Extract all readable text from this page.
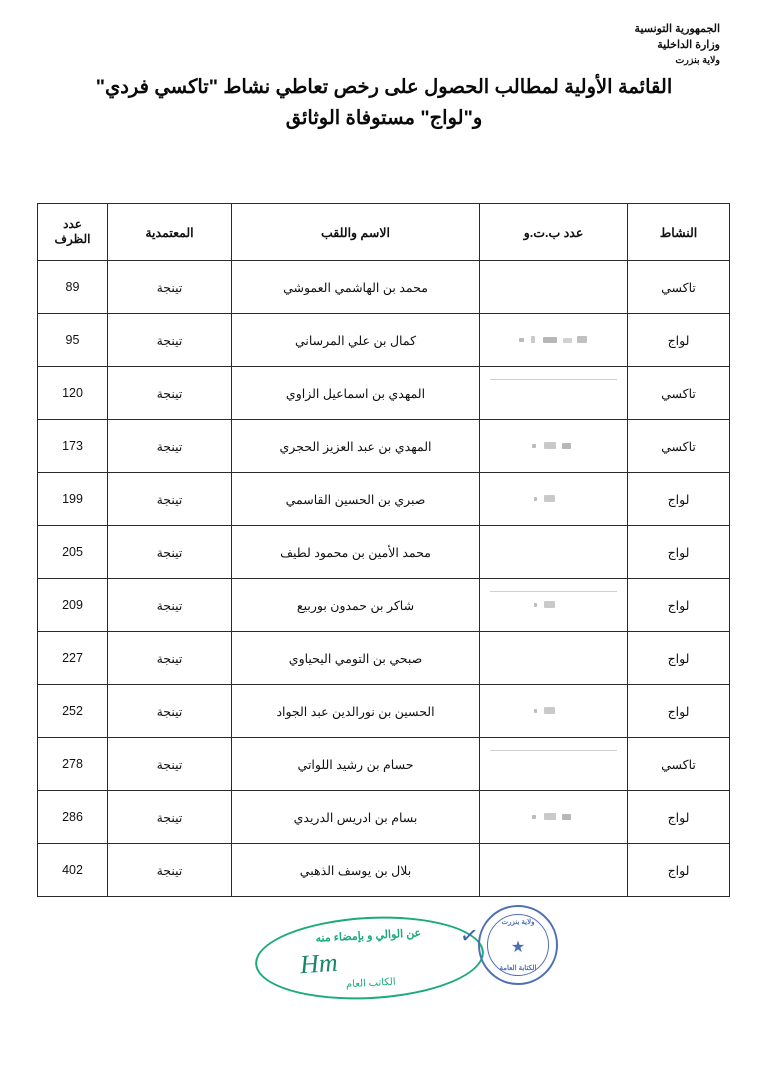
الجمهورية التونسية
وزارة الداخلية
ولاية بنزرت
القائمة الأولية لمطالب الحصول على رخص تعاطي نشاط "تاكسي فردي"
و"لواج" مستوفاة الوثائق
النشاط	عدد ب.ت.و	الاسم واللقب	المعتمدية	عدد
الظرف

تاكسي		محمد بن الهاشمي العموشي	تينجة	89
لواج		كمال بن علي المرساني	تينجة	95
تاكسي		المهدي بن اسماعيل الزاوي	تينجة	120
تاكسي		المهدي بن عبد العزيز الحجري	تينجة	173
لواج		صبري بن الحسين القاسمي	تينجة	199
لواج		محمد الأمين بن محمود لطيف	تينجة	205
لواج		شاكر بن حمدون بوربيع	تينجة	209
لواج		صبحي بن التومي اليحياوي	تينجة	227
لواج		الحسين بن نورالدين عبد الجواد	تينجة	252
تاكسي		حسام بن رشيد اللواتي	تينجة	278
لواج		بسام بن ادريس الدريدي	تينجة	286
لواج		بلال بن يوسف الذهبي	تينجة	402
عن الوالي و بإمضاء منه
الكاتب العام
Hm
✓	ولاية بنزرت
★
الكتابة العامة
